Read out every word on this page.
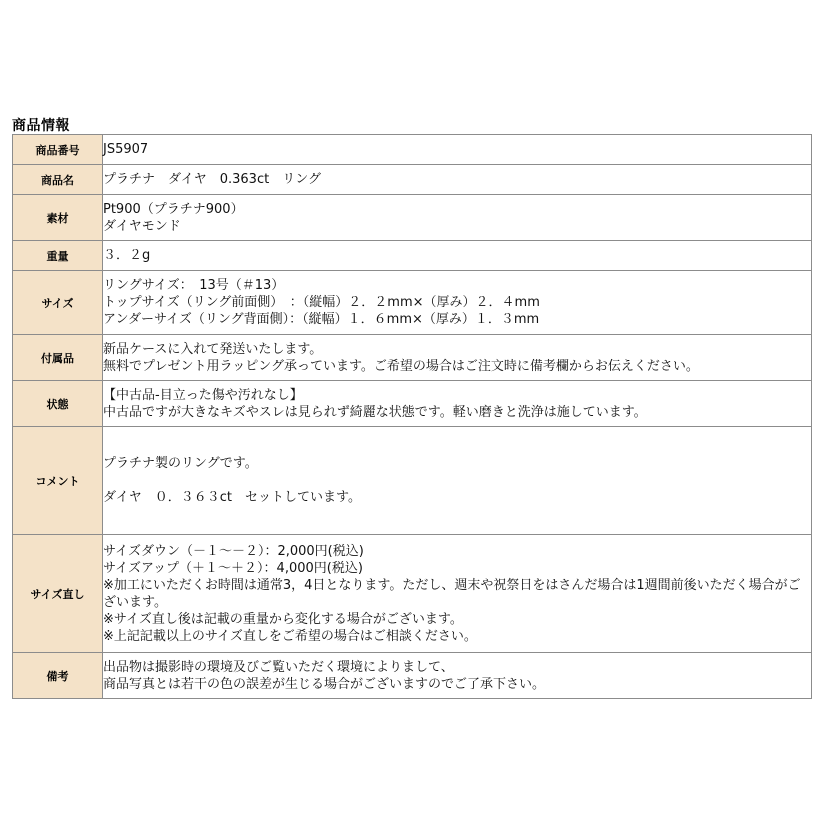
商品情報
商品番号	JS5907

商品名	プラチナ　ダイヤ　0.363ct　リング

素材	Pt900（プラチナ900）
ダイヤモンド

重量	３．２g

サイズ	リングサイズ：　13号（＃13）
トップサイズ（リング前面側）　：（縦幅）２．２mm×（厚み）２．４mm
アンダーサイズ（リング背面側）：（縦幅）１．６mm×（厚み）１．３mm

付属品	新品ケースに入れて発送いたします。
無料でプレゼント用ラッピング承っています。ご希望の場合はご注文時に備考欄からお伝えください。

状態	【中古品-目立った傷や汚れなし】
中古品ですが大きなキズやスレは見られず綺麗な状態です。軽い磨きと洗浄は施しています。

コメント	プラチナ製のリングです。
ダイヤ　０．３６３ct　セットしています。

サイズ直し	サイズダウン（－１～－２）：2,000円(税込)
サイズアップ（＋１～＋２）：4,000円(税込)
※加工にいただくお時間は通常3，4日となります。ただし、週末や祝祭日をはさんだ場合は1週間前後いただく場合がございます。
※サイズ直し後は記載の重量から変化する場合がございます。
※上記記載以上のサイズ直しをご希望の場合はご相談ください。

備考	出品物は撮影時の環境及びご覧いただく環境によりまして、
商品写真とは若干の色の誤差が生じる場合がございますのでご了承下さい。
